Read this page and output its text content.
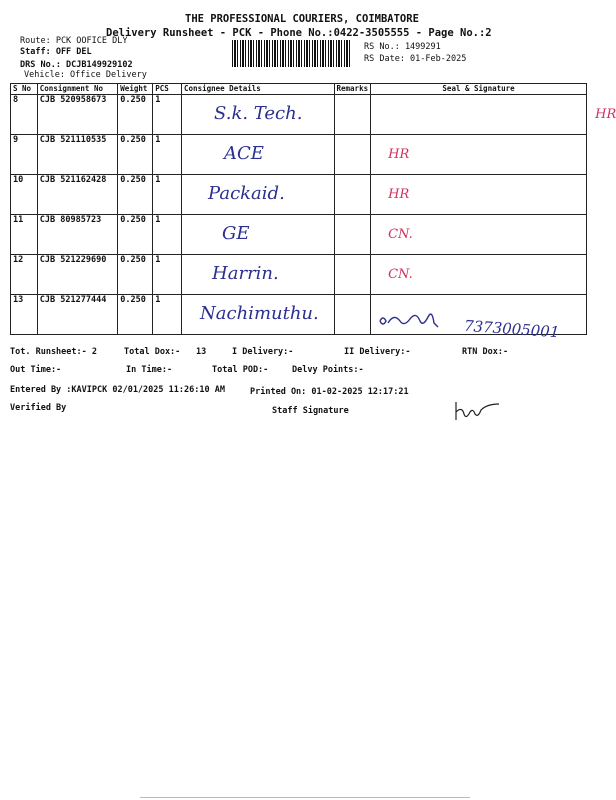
THE PROFESSIONAL COURIERS, COIMBATORE
Delivery Runsheet - PCK - Phone No.:0422-3505555 - Page No.:2
Route: PCK OOFICE DLY
Staff: OFF DEL
DRS No.: DCJB149929102
Vehicle: Office Delivery
RS No.: 1499291
RS Date: 01-Feb-2025
S No	Consignment No	Weight	PCS	Consignee Details	Remarks	Seal & Signature
8	CJB 520958673	0.250	1	S.k. Tech.		HR
9	CJB 521110535	0.250	1	ACE		HR
10	CJB 521162428	0.250	1	Packaid.		HR
11	CJB 80985723	0.250	1	GE		CN.
12	CJB 521229690	0.250	1	Harrin.		CN.
13	CJB 521277444	0.250	1	Nachimuthu.		
7373005001
Tot. Runsheet:- 2	Total Dox:- 13	I Delivery:-	II Delivery:-	RTN Dox:-
Out Time:-	In Time:-	Total POD:-	Delvy Points:-
Entered By :KAVIPCK 02/01/2025 11:26:10 AM	Printed On: 01-02-2025 12:17:21
Verified By	Staff Signature
